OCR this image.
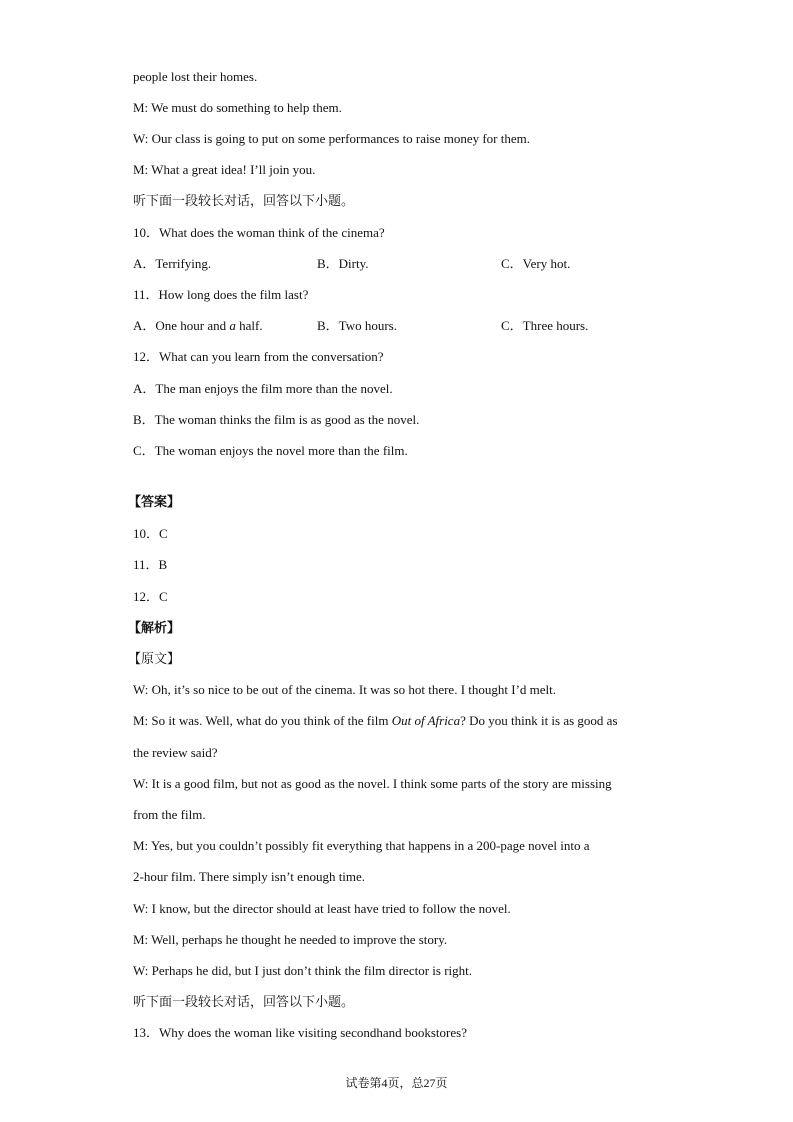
people lost their homes.
M: We must do something to help them.
W: Our class is going to put on some performances to raise money for them.
M: What a great idea! I’ll join you.
听下面一段较长对话，回答以下小题。
10．What does the woman think of the cinema?
A．Terrifying.	B．Dirty.	C．Very hot.
11．How long does the film last?
A．One hour and a half.	B．Two hours.	C．Three hours.
12．What can you learn from the conversation?
A．The man enjoys the film more than the novel.
B．The woman thinks the film is as good as the novel.
C．The woman enjoys the novel more than the film.
【答案】
10．C
11．B
12．C
【解析】
【原文】
W: Oh, it’s so nice to be out of the cinema. It was so hot there. I thought I’d melt.
M: So it was. Well, what do you think of the film Out of Africa? Do you think it is as good as
the review said?
W: It is a good film, but not as good as the novel. I think some parts of the story are missing
from the film.
M: Yes, but you couldn’t possibly fit everything that happens in a 200-page novel into a
2-hour film. There simply isn’t enough time.
W: I know, but the director should at least have tried to follow the novel.
M: Well, perhaps he thought he needed to improve the story.
W: Perhaps he did, but I just don’t think the film director is right.
听下面一段较长对话，回答以下小题。
13．Why does the woman like visiting secondhand bookstores?
试卷第4页，总27页
